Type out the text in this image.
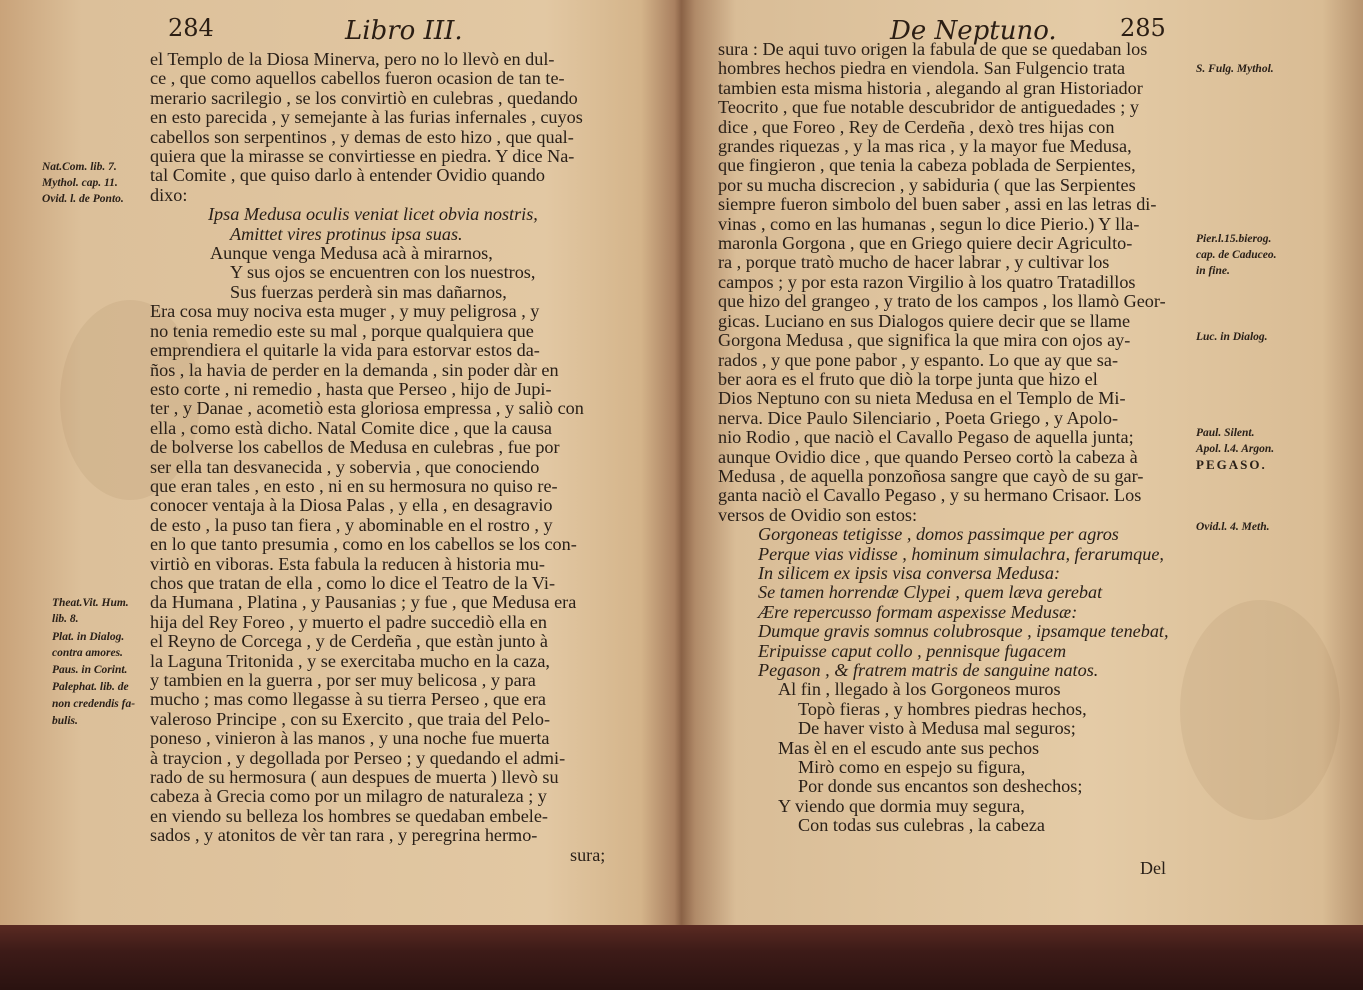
284	Libro III.
Nat.Com. lib. 7.
Mythol. cap. 11.
Ovid. l. de Ponto.
Theat.Vit. Hum.
lib. 8.
Plat. in Dialog.
contra amores.
Paus. in Corint.
Palephat. lib. de
non credendis fa-
bulis.
el Templo de la Diosa Minerva, pero no lo llevò en dul-
ce , que como aquellos cabellos fueron ocasion de tan te-
merario sacrilegio , se los convirtiò en culebras , quedando
en esto parecida , y semejante à las furias infernales , cuyos
cabellos son serpentinos , y demas de esto hizo , que qual-
quiera que la mirasse se convirtiesse en piedra. Y dice Na-
tal Comite , que quiso darlo à entender Ovidio quando
dixo:
Ipsa Medusa oculis veniat licet obvia nostris,
Amittet vires protinus ipsa suas.
Aunque venga Medusa acà à mirarnos,
Y sus ojos se encuentren con los nuestros,
Sus fuerzas perderà sin mas dañarnos,
Era cosa muy nociva esta muger , y muy peligrosa , y
no tenia remedio este su mal , porque qualquiera que
emprendiera el quitarle la vida para estorvar estos da-
ños , la havia de perder en la demanda , sin poder dàr en
esto corte , ni remedio , hasta que Perseo , hijo de Jupi-
ter , y Danae , acometiò esta gloriosa empressa , y saliò con
ella , como està dicho. Natal Comite dice , que la causa
de bolverse los cabellos de Medusa en culebras , fue por
ser ella tan desvanecida , y sobervia , que conociendo
que eran tales , en esto , ni en su hermosura no quiso re-
conocer ventaja à la Diosa Palas , y ella , en desagravio
de esto , la puso tan fiera , y abominable en el rostro , y
en lo que tanto presumia , como en los cabellos se los con-
virtiò en viboras. Esta fabula la reducen à historia mu-
chos que tratan de ella , como lo dice el Teatro de la Vi-
da Humana , Platina , y Pausanias ; y fue , que Medusa era
hija del Rey Foreo , y muerto el padre succediò ella en
el Reyno de Corcega , y de Cerdeña , que estàn junto à
la Laguna Tritonida , y se exercitaba mucho en la caza,
y tambien en la guerra , por ser muy belicosa , y para
mucho ; mas como llegasse à su tierra Perseo , que era
valeroso Principe , con su Exercito , que traia del Pelo-
poneso , vinieron à las manos , y una noche fue muerta
à traycion , y degollada por Perseo ; y quedando el admi-
rado de su hermosura ( aun despues de muerta ) llevò su
cabeza à Grecia como por un milagro de naturaleza ; y
en viendo su belleza los hombres se quedaban embele-
sados , y atonitos de vèr tan rara , y peregrina hermo-
sura;
De Neptuno.	285
sura : De aqui tuvo origen la fabula de que se quedaban los
hombres hechos piedra en viendola. San Fulgencio trata
tambien esta misma historia , alegando al gran Historiador
Teocrito , que fue notable descubridor de antiguedades ; y
dice , que Foreo , Rey de Cerdeña , dexò tres hijas con
grandes riquezas , y la mas rica , y la mayor fue Medusa,
que fingieron , que tenia la cabeza poblada de Serpientes,
por su mucha discrecion , y sabiduria ( que las Serpientes
siempre fueron simbolo del buen saber , assi en las letras di-
vinas , como en las humanas , segun lo dice Pierio.) Y lla-
maronla Gorgona , que en Griego quiere decir Agriculto-
ra , porque tratò mucho de hacer labrar , y cultivar los
campos ; y por esta razon Virgilio à los quatro Tratadillos
que hizo del grangeo , y trato de los campos , los llamò Geor-
gicas. Luciano en sus Dialogos quiere decir que se llame
Gorgona Medusa , que significa la que mira con ojos ay-
rados , y que pone pabor , y espanto. Lo que ay que sa-
ber aora es el fruto que diò la torpe junta que hizo el
Dios Neptuno con su nieta Medusa en el Templo de Mi-
nerva. Dice Paulo Silenciario , Poeta Griego , y Apolo-
nio Rodio , que naciò el Cavallo Pegaso de aquella junta;
aunque Ovidio dice , que quando Perseo cortò la cabeza à
Medusa , de aquella ponzoñosa sangre que cayò de su gar-
ganta naciò el Cavallo Pegaso , y su hermano Crisaor. Los
versos de Ovidio son estos:
Gorgoneas tetigisse , domos passimque per agros
Perque vias vidisse , hominum simulachra, ferarumque,
In silicem ex ipsis visa conversa Medusa:
Se tamen horrendæ Clypei , quem læva gerebat
Ære repercusso formam aspexisse Medusæ:
Dumque gravis somnus colubrosque , ipsamque tenebat,
Eripuisse caput collo , pennisque fugacem
Pegason , & fratrem matris de sanguine natos.
Al fin , llegado à los Gorgoneos muros
Topò fieras , y hombres piedras hechos,
De haver visto à Medusa mal seguros;
Mas èl en el escudo ante sus pechos
Mirò como en espejo su figura,
Por donde sus encantos son deshechos;
Y viendo que dormia muy segura,
Con todas sus culebras , la cabeza
Del
S. Fulg. Mythol.
Pier.l.15.bierog.
cap. de Caduceo.
in fine.
Luc. in Dialog.
Paul. Silent.
Apol. l.4. Argon.
PEGASO.
Ovid.l. 4. Meth.
